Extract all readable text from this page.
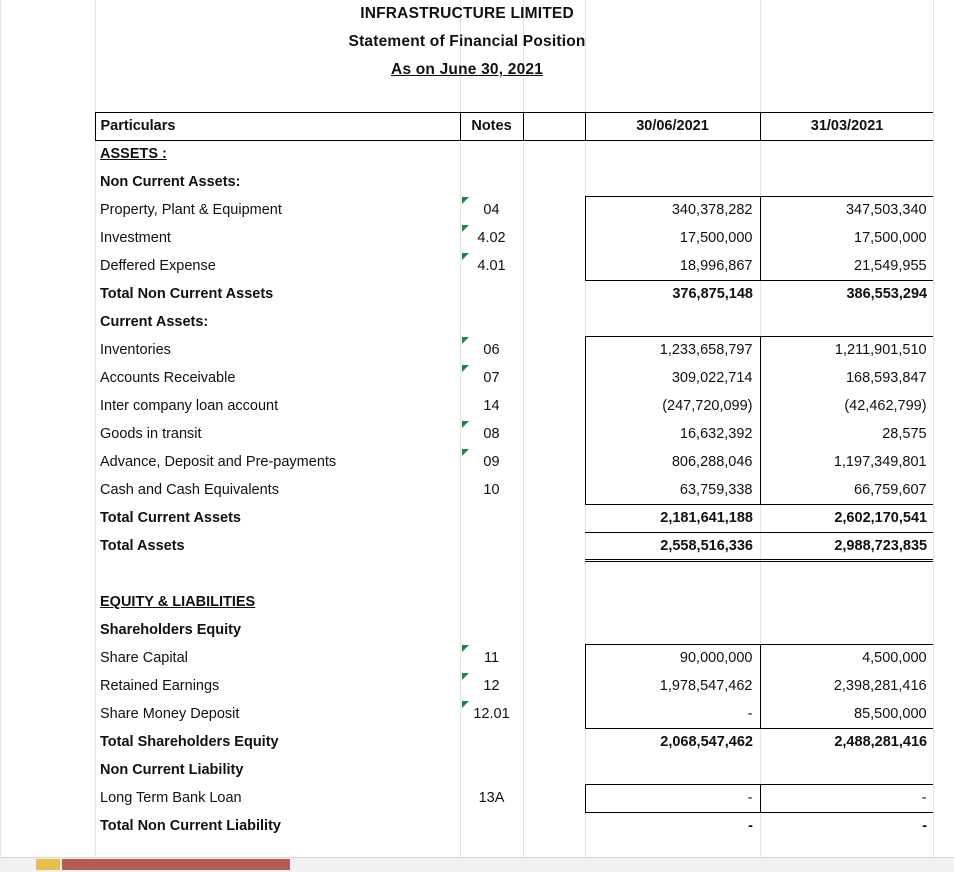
INFRASTRUCTURE LIMITED					
Statement of Financial Position					
As on June 30, 2021					

	Particulars	Notes		30/06/2021	31/03/2021
	ASSETS :				
	Non Current Assets:				
	Property, Plant & Equipment	04		340,378,282	347,503,340
	Investment	4.02		17,500,000	17,500,000
	Deffered Expense	4.01		18,996,867	21,549,955
	Total Non Current Assets			376,875,148	386,553,294
	Current Assets:				
	Inventories	06		1,233,658,797	1,211,901,510
	Accounts Receivable	07		309,022,714	168,593,847
	Inter company loan account	14		(247,720,099)	(42,462,799)
	Goods in transit	08		16,632,392	28,575
	Advance, Deposit and Pre-payments	09		806,288,046	1,197,349,801
	Cash and Cash Equivalents	10		63,759,338	66,759,607
	Total Current Assets			2,181,641,188	2,602,170,541
	Total Assets			2,558,516,336	2,988,723,835

	EQUITY & LIABILITIES				
	Shareholders Equity				
	Share Capital	11		90,000,000	4,500,000
	Retained Earnings	12		1,978,547,462	2,398,281,416
	Share Money Deposit	12.01		-	85,500,000
	Total Shareholders Equity			2,068,547,462	2,488,281,416
	Non Current Liability				
	Long Term Bank Loan	13A		-	-
	Total Non Current Liability			-	-
